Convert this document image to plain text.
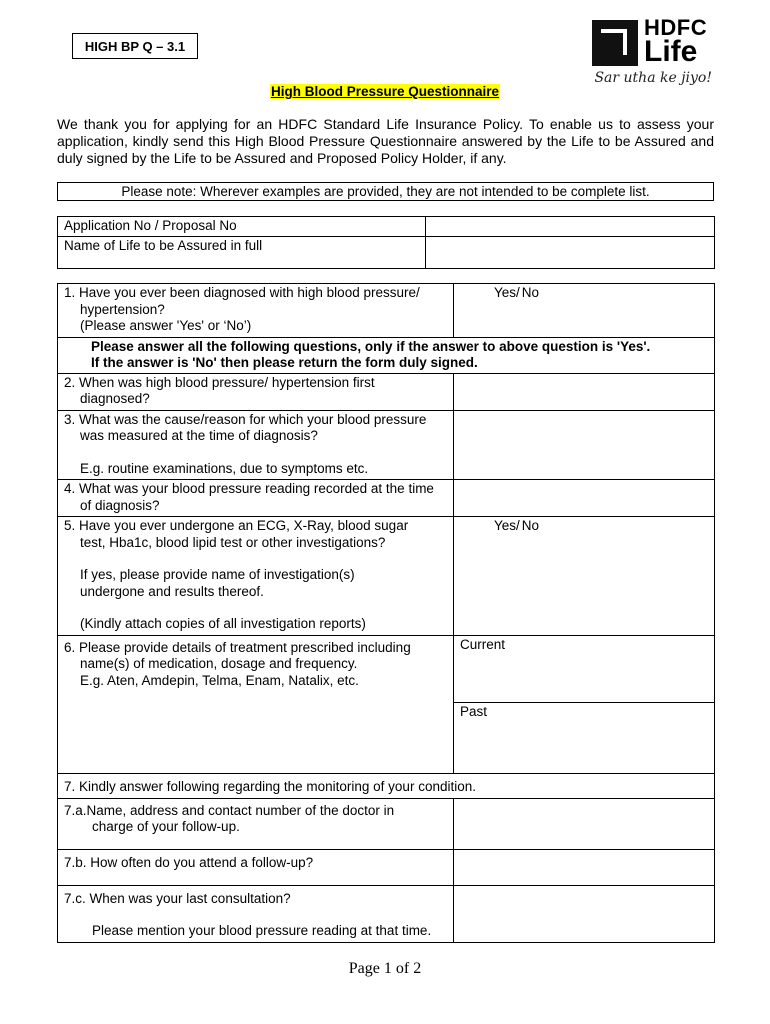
HIGH BP Q – 3.1
HDFC
Life
Sar utha ke jiyo!
High Blood Pressure Questionnaire
We thank you for applying for an HDFC Standard Life Insurance Policy. To enable us to assess your application, kindly send this High Blood Pressure Questionnaire answered by the Life to be Assured and duly signed by the Life to be Assured and Proposed Policy Holder, if any.
Please note: Wherever examples are provided, they are not intended to be complete list.
Application No / Proposal No	
Name of Life to be Assured in full	
1. Have you ever been diagnosed with high blood pressure/
hypertension?
(Please answer 'Yes' or ‘No’)	Yes/ No

Please answer all the following questions, only if the answer to above question is 'Yes'.
If the answer is 'No' then please return the form duly signed.	

2. When was high blood pressure/ hypertension first
diagnosed?	

3. What was the cause/reason for which your blood pressure
was measured at the time of diagnosis?
E.g. routine examinations, due to symptoms etc.	

4. What was your blood pressure reading recorded at the time
of diagnosis?	

5. Have you ever undergone an ECG, X-Ray, blood sugar
test, Hba1c, blood lipid test or other investigations?
If yes, please provide name of investigation(s)
undergone and results thereof.
(Kindly attach copies of all investigation reports)	Yes/ No

6. Please provide details of treatment prescribed including
name(s) of medication, dosage and frequency.
E.g. Aten, Amdepin, Telma, Enam, Natalix, etc.	Current
	Past
7. Kindly answer following regarding the monitoring of your condition.	

7.a.Name, address and contact number of the doctor in
charge of your follow-up.	

7.b. How often do you attend a follow-up?	

7.c. When was your last consultation?
Please mention your blood pressure reading at that time.	

Page 1 of 2
